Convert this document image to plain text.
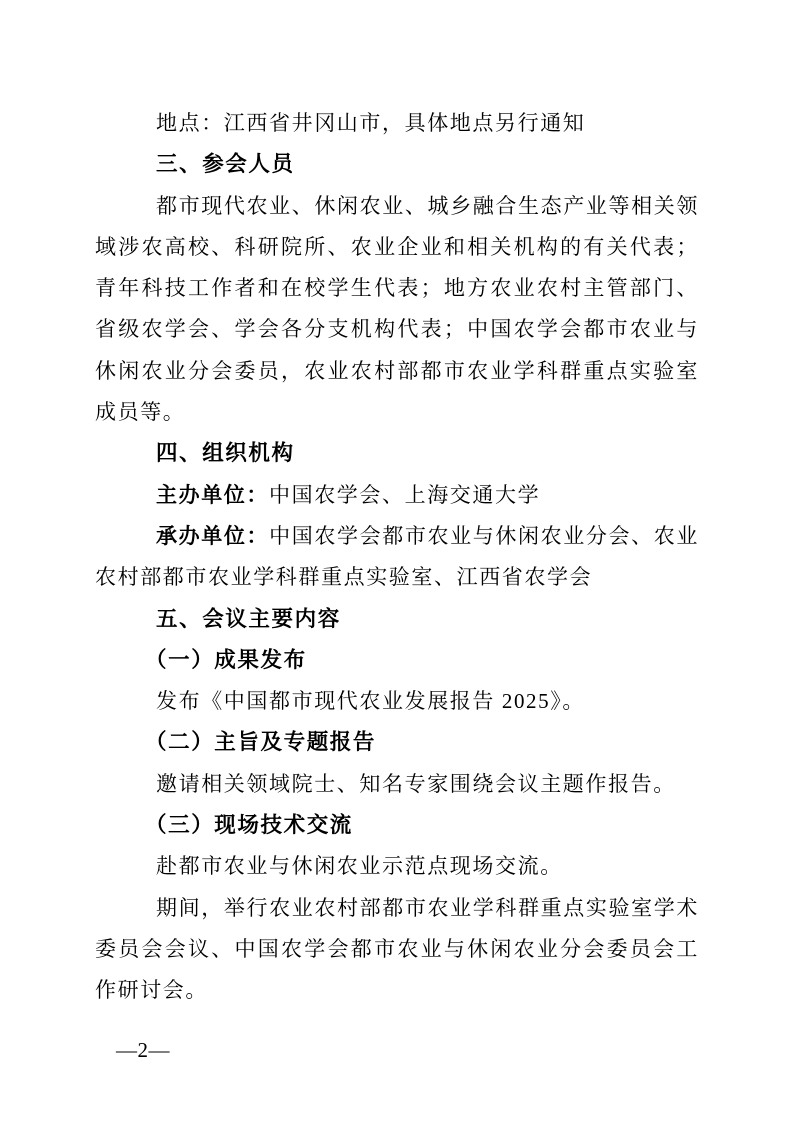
地点：江西省井冈山市，具体地点另行通知

三、参会人员

都市现代农业、休闲农业、城乡融合生态产业等相关领域涉农高校、科研院所、农业企业和相关机构的有关代表；青年科技工作者和在校学生代表；地方农业农村主管部门、省级农学会、学会各分支机构代表；中国农学会都市农业与休闲农业分会委员，农业农村部都市农业学科群重点实验室成员等。

四、组织机构

主办单位：中国农学会、上海交通大学

承办单位：中国农学会都市农业与休闲农业分会、农业农村部都市农业学科群重点实验室、江西省农学会

五、会议主要内容
（一）成果发布

发布《中国都市现代农业发展报告 2025》。

（二）主旨及专题报告

邀请相关领域院士、知名专家围绕会议主题作报告。

（三）现场技术交流

赴都市农业与休闲农业示范点现场交流。

期间，举行农业农村部都市农业学科群重点实验室学术委员会会议、中国农学会都市农业与休闲农业分会委员会工作研讨会。

—2—
